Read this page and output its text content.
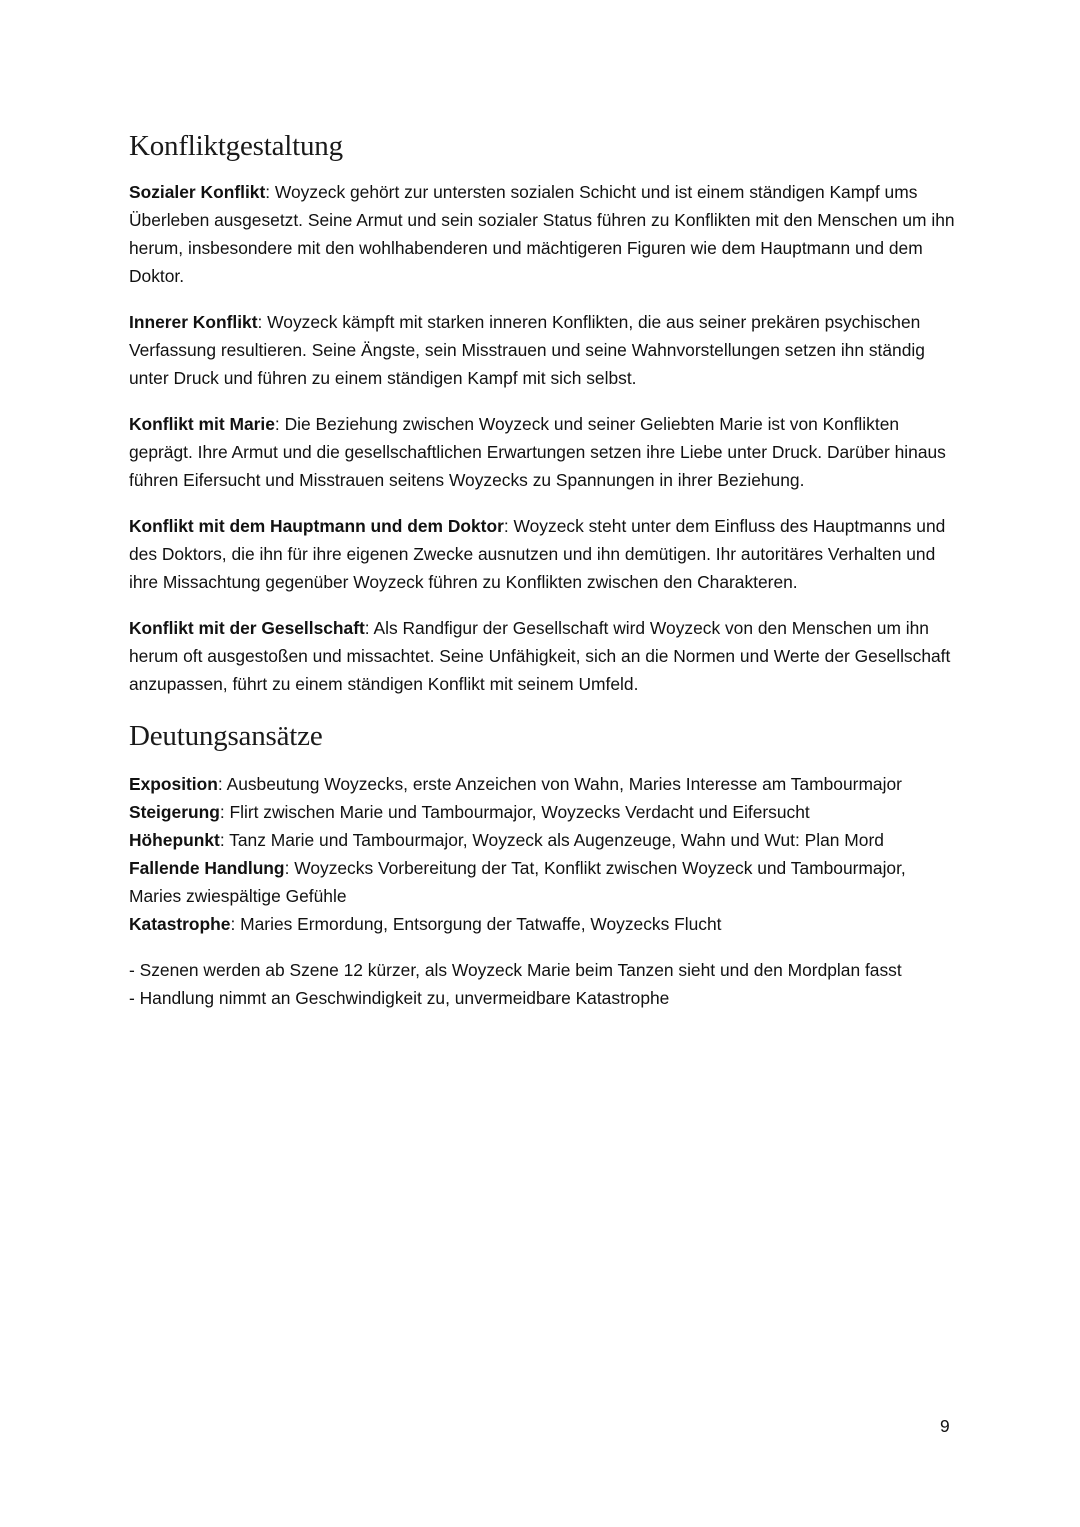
Konfliktgestaltung

Sozialer Konflikt: Woyzeck gehört zur untersten sozialen Schicht und ist einem ständigen Kampf ums Überleben ausgesetzt. Seine Armut und sein sozialer Status führen zu Konflikten mit den Menschen um ihn herum, insbesondere mit den wohlhabenderen und mächtigeren Figuren wie dem Hauptmann und dem Doktor.

Innerer Konflikt: Woyzeck kämpft mit starken inneren Konflikten, die aus seiner prekären psychischen Verfassung resultieren. Seine Ängste, sein Misstrauen und seine Wahnvorstellungen setzen ihn ständig unter Druck und führen zu einem ständigen Kampf mit sich selbst.

Konflikt mit Marie: Die Beziehung zwischen Woyzeck und seiner Geliebten Marie ist von Konflikten geprägt. Ihre Armut und die gesellschaftlichen Erwartungen setzen ihre Liebe unter Druck. Darüber hinaus führen Eifersucht und Misstrauen seitens Woyzecks zu Spannungen in ihrer Beziehung.

Konflikt mit dem Hauptmann und dem Doktor: Woyzeck steht unter dem Einfluss des Hauptmanns und des Doktors, die ihn für ihre eigenen Zwecke ausnutzen und ihn demütigen. Ihr autoritäres Verhalten und ihre Missachtung gegenüber Woyzeck führen zu Konflikten zwischen den Charakteren.

Konflikt mit der Gesellschaft: Als Randfigur der Gesellschaft wird Woyzeck von den Menschen um ihn herum oft ausgestoßen und missachtet. Seine Unfähigkeit, sich an die Normen und Werte der Gesellschaft anzupassen, führt zu einem ständigen Konflikt mit seinem Umfeld.

Deutungsansätze
Exposition: Ausbeutung Woyzecks, erste Anzeichen von Wahn, Maries Interesse am Tambourmajor
Steigerung: Flirt zwischen Marie und Tambourmajor, Woyzecks Verdacht und Eifersucht
Höhepunkt: Tanz Marie und Tambourmajor, Woyzeck als Augenzeuge, Wahn und Wut: Plan Mord
Fallende Handlung: Woyzecks Vorbereitung der Tat, Konflikt zwischen Woyzeck und Tambourmajor, Maries zwiespältige Gefühle
Katastrophe: Maries Ermordung, Entsorgung der Tatwaffe, Woyzecks Flucht
- Szenen werden ab Szene 12 kürzer, als Woyzeck Marie beim Tanzen sieht und den Mordplan fasst
- Handlung nimmt an Geschwindigkeit zu, unvermeidbare Katastrophe
9
